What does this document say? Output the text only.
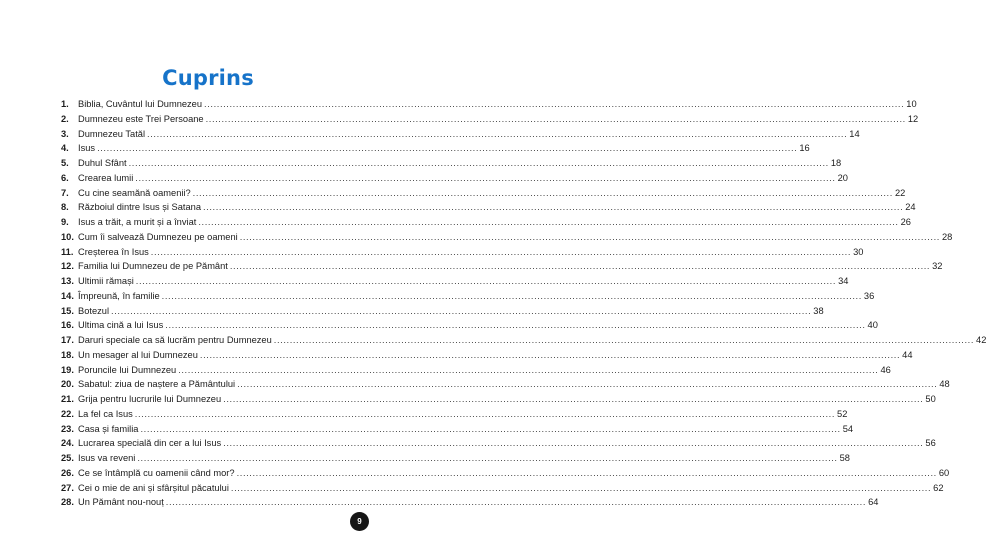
Cuprins
1. Biblia, Cuvântul lui Dumnezeu ............................................................................................................................................................................................................................ 10
2. Dumnezeu este Trei Persoane ............................................................................................................................................................................................................................ 12
3. Dumnezeu Tatăl ............................................................................................................................................................................................................................ 14
4. Isus ............................................................................................................................................................................................................................ 16
5. Duhul Sfânt ............................................................................................................................................................................................................................ 18
6. Crearea lumii ............................................................................................................................................................................................................................ 20
7. Cu cine seamănă oamenii? ............................................................................................................................................................................................................................ 22
8. Războiul dintre Isus și Satana ............................................................................................................................................................................................................................ 24
9. Isus a trăit, a murit și a înviat ............................................................................................................................................................................................................................ 26
10. Cum îi salvează Dumnezeu pe oameni ............................................................................................................................................................................................................................ 28
11. Creșterea în Isus ............................................................................................................................................................................................................................ 30
12. Familia lui Dumnezeu de pe Pământ ............................................................................................................................................................................................................................ 32
13. Ultimii rămași ............................................................................................................................................................................................................................ 34
14. Împreună, în familie ............................................................................................................................................................................................................................ 36
15. Botezul ............................................................................................................................................................................................................................ 38
16. Ultima cină a lui Isus ............................................................................................................................................................................................................................ 40
17. Daruri speciale ca să lucrăm pentru Dumnezeu ............................................................................................................................................................................................................................ 42
18. Un mesager al lui Dumnezeu ............................................................................................................................................................................................................................ 44
19. Poruncile lui Dumnezeu ............................................................................................................................................................................................................................ 46
20. Sabatul: ziua de naștere a Pământului ............................................................................................................................................................................................................................ 48
21. Grija pentru lucrurile lui Dumnezeu ............................................................................................................................................................................................................................ 50
22. La fel ca Isus ............................................................................................................................................................................................................................ 52
23. Casa și familia ............................................................................................................................................................................................................................ 54
24. Lucrarea specială din cer a lui Isus ............................................................................................................................................................................................................................ 56
25. Isus va reveni ............................................................................................................................................................................................................................ 58
26. Ce se întâmplă cu oamenii când mor? ............................................................................................................................................................................................................................ 60
27. Cei o mie de ani și sfârșitul păcatului ............................................................................................................................................................................................................................ 62
28. Un Pământ nou-nouț ............................................................................................................................................................................................................................ 64
9
